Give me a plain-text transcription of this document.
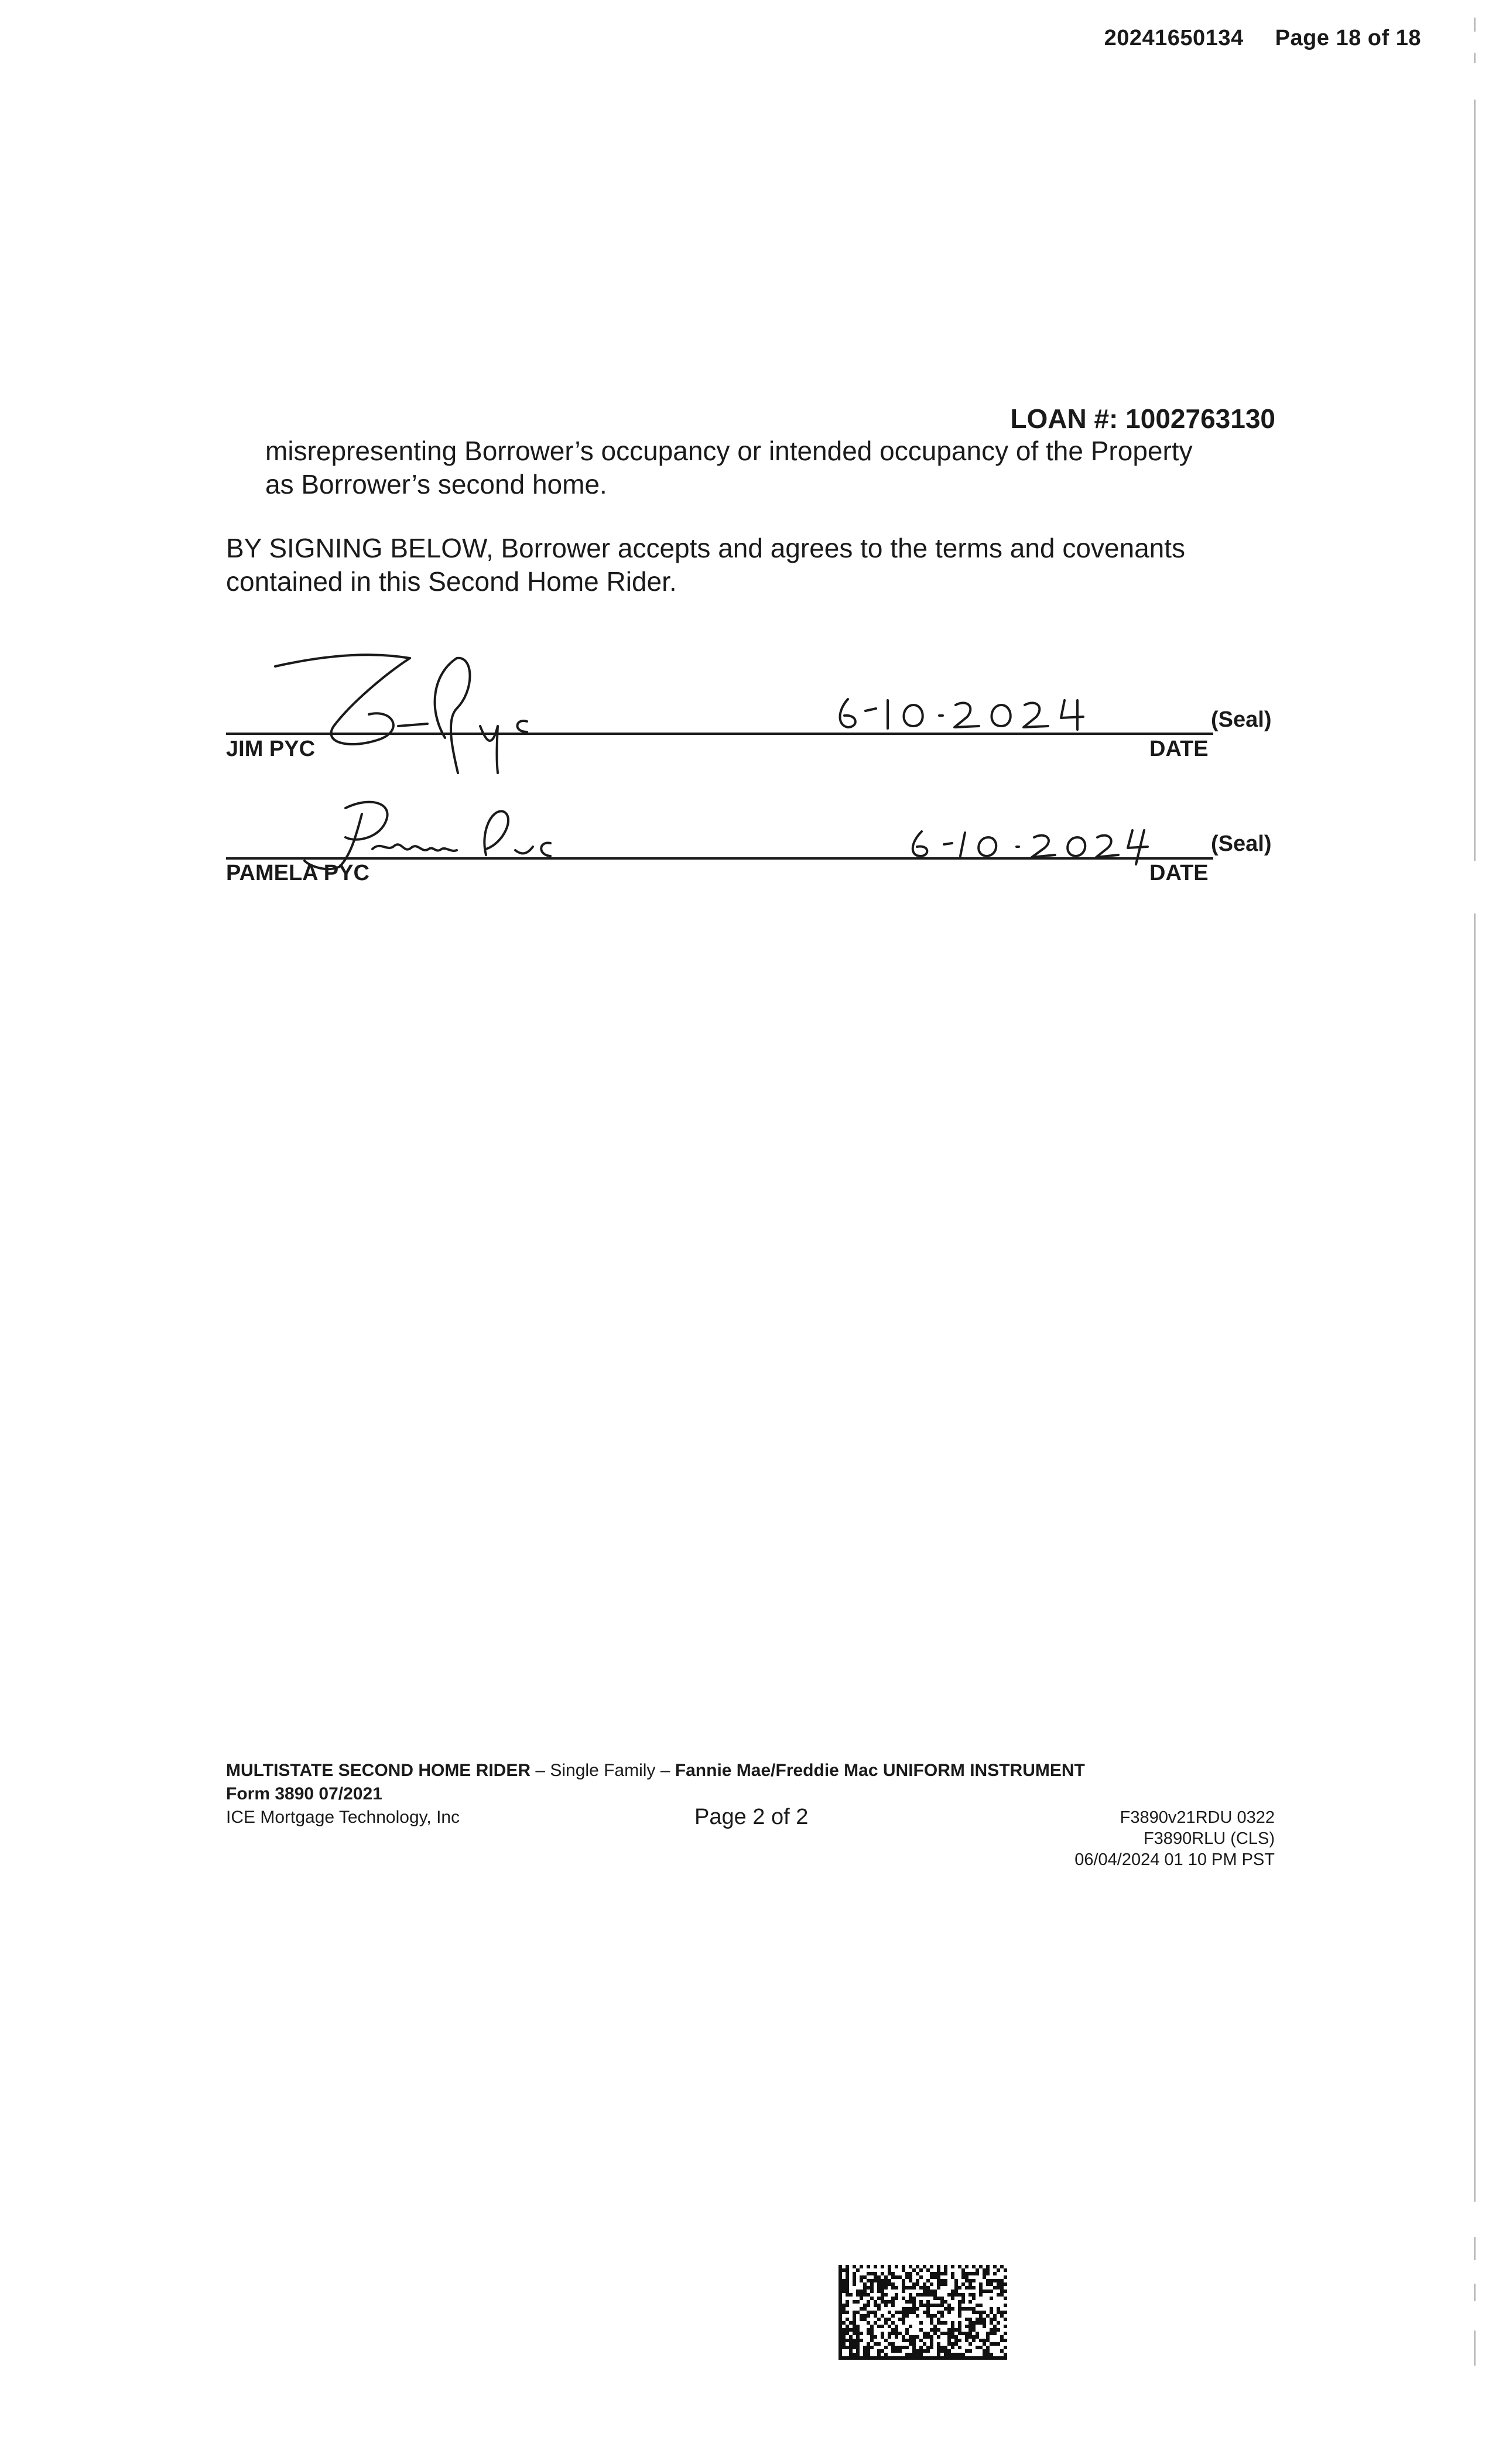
20241650134 Page 18 of 18
LOAN #: 1002763130
misrepresenting Borrower’s occupancy or intended occupancy of the Property
as Borrower’s second home.
BY SIGNING BELOW, Borrower accepts and agrees to the terms and covenants
contained in this Second Home Rider.
JIM PYC	DATE
(Seal)
PAMELA PYC	DATE
(Seal)
MULTISTATE SECOND HOME RIDER – Single Family – Fannie Mae/Freddie Mac UNIFORM INSTRUMENT
Form 3890 07/2021
ICE Mortgage Technology, Inc	Page 2 of 2	F3890v21RDU 0322
F3890RLU (CLS)
06/04/2024 01 10 PM PST
